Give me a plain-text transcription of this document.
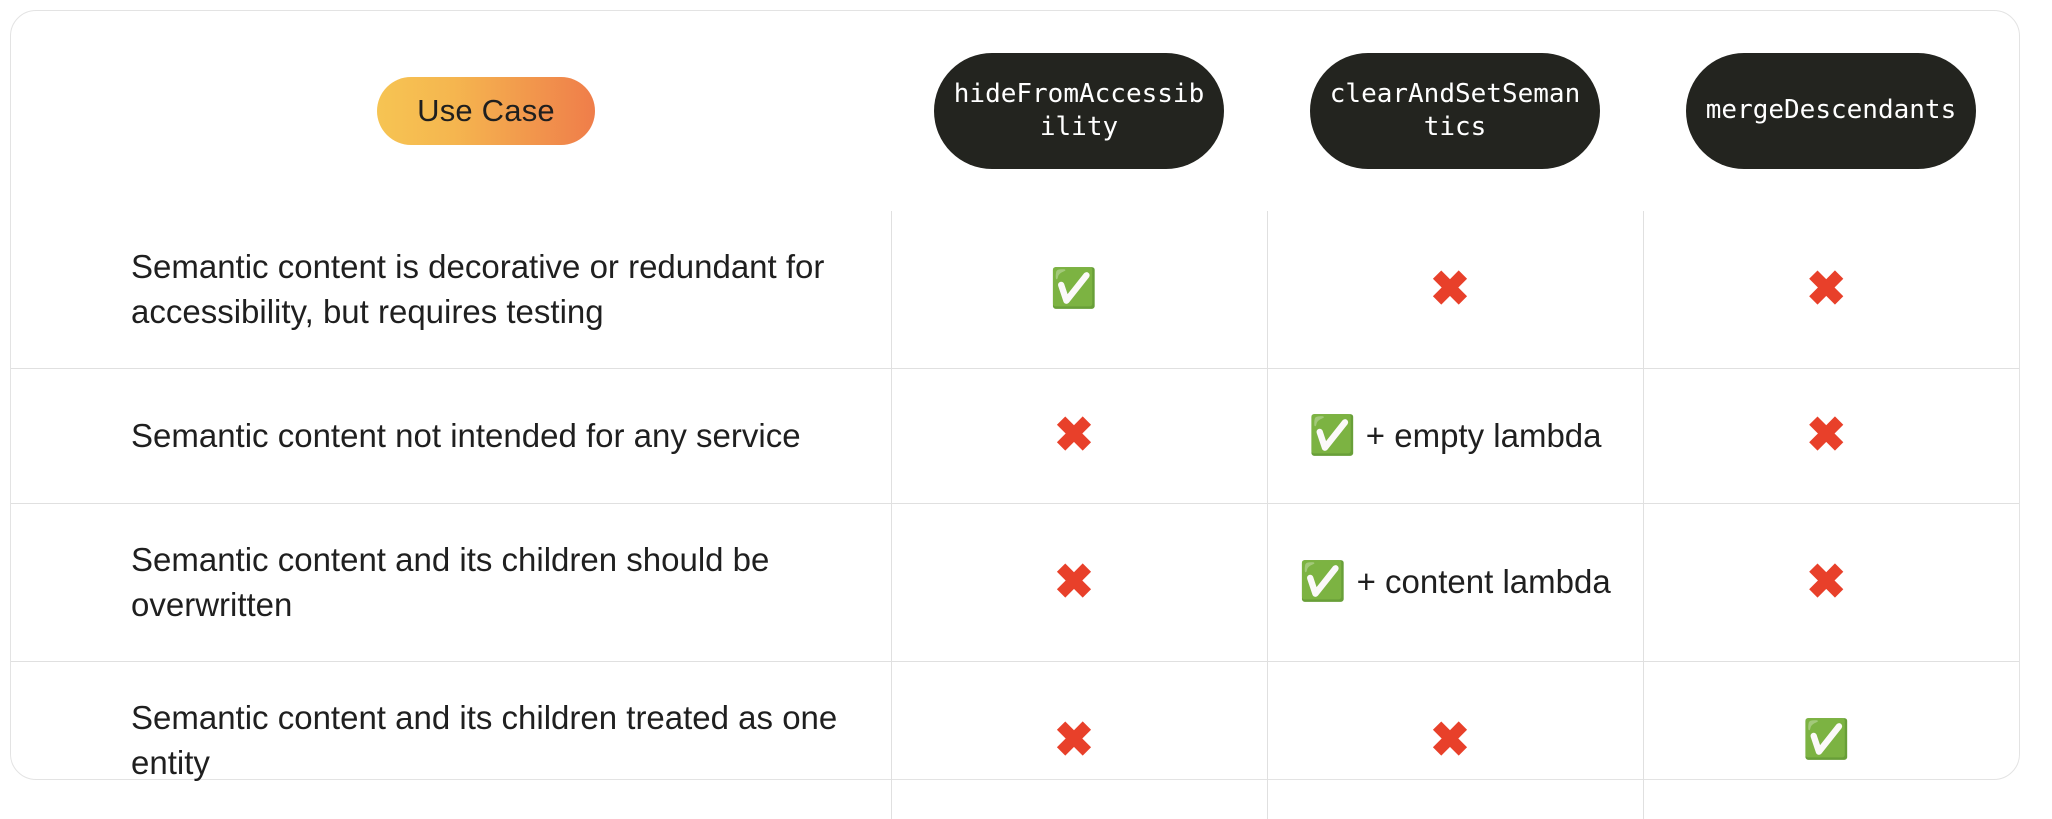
Use Case	hideFromAccessibility	clearAndSetSemantics	mergeDescendants
Semantic content is decorative or redundant for accessibility, but requires testing	✅	✖	✖

Semantic content not intended for any service	✖	✅ + empty lambda	✖

Semantic content and its children should be overwritten	✖	✅ + content lambda	✖

Semantic content and its children treated as one entity	✖	✖	✅
